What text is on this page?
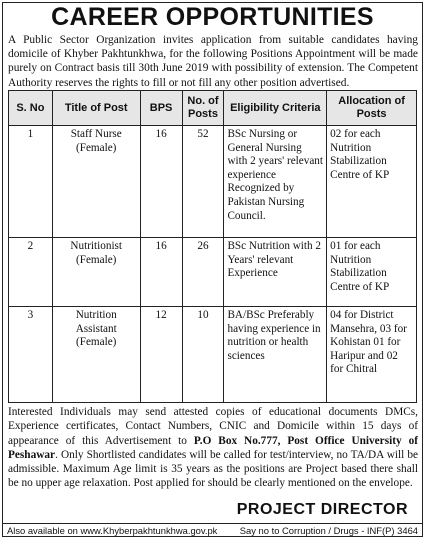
CAREER OPPORTUNITIES
A Public Sector Organization invites application from suitable candidates having domicile of Khyber Pakhtunkhwa, for the following Positions Appointment will be made purely on Contract basis till 30th June 2019 with possibility of extension. The Competent Authority reserves the rights to fill or not fill any other position advertised.
S. No	Title of Post	BPS	No. of Posts	Eligibility Criteria	Allocation of Posts
1	Staff Nurse (Female)	16	52	BSc Nursing or General Nursing with 2 years' relevant experience Recognized by Pakistan Nursing Council.	02 for each Nutrition Stabilization Centre of KP
2	Nutritionist (Female)	16	26	BSc Nutrition with 2 Years' relevant Experience	01 for each Nutrition Stabilization Centre of KP
3	Nutrition Assistant (Female)	12	10	BA/BSc Preferably having experience in nutrition or health sciences	04 for District Mansehra, 03 for Kohistan 01 for Haripur and 02 for Chitral
Interested Individuals may send attested copies of educational documents DMCs, Experience certificates, Contact Numbers, CNIC and Domicile within 15 days of appearance of this Advertisement to P.O Box No.777, Post Office University of Peshawar. Only Shortlisted candidates will be called for test/interview, no TA/DA will be admissible. Maximum Age limit is 35 years as the positions are Project based there shall be no upper age relaxation. Post applied for should be clearly mentioned on the envelope.
PROJECT DIRECTOR
Also available on www.Khyberpakhtunkhwa.gov.pk Say no to Corruption / Drugs - INF(P) 3464
